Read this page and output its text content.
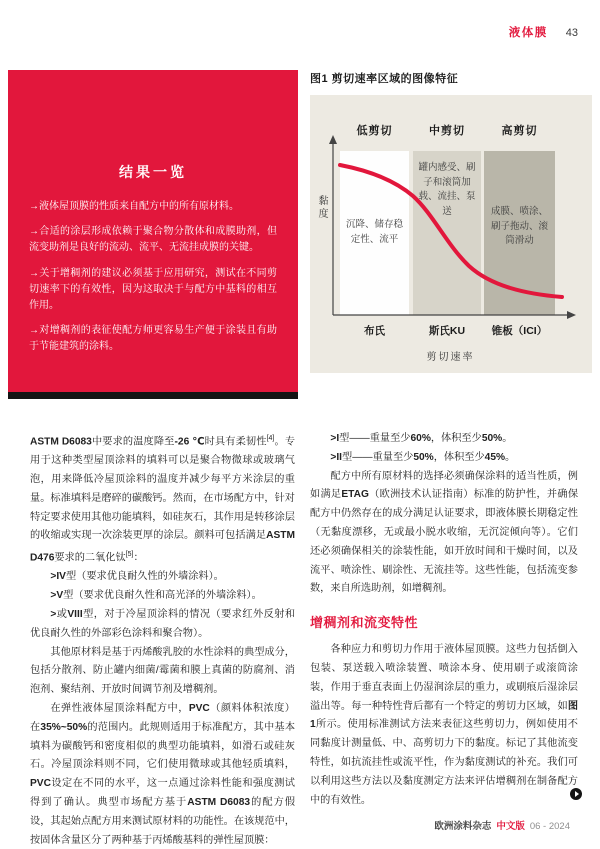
液体膜 43
结果一览
→液体屋顶膜的性质来自配方中的所有原材料。
→合适的涂层形成依赖于聚合物分散体和成膜助剂，但流变助剂是良好的流动、流平、无流挂成膜的关键。
→关于增稠剂的建议必须基于应用研究，测试在不同剪切速率下的有效性，因为这取决于与配方中基料的相互作用。
→对增稠剂的表征使配方师更容易生产便于涂装且有助于节能建筑的涂料。
图1 剪切速率区域的图像特征
低剪切	中剪切	高剪切
沉降、储存稳定性、流平
罐内感受、刷子和滚筒加载、流挂、泵送	成膜、喷涂、刷子拖动、滚筒滑动
黏度
布氏	斯氏KU	锥板（ICI）
剪切速率

ASTM D6083中要求的温度降至-26 ℃时具有柔韧性[4]。专用于这种类型屋顶涂料的填料可以是聚合物微球或玻璃气泡，用来降低冷屋顶涂料的温度并减少每平方米涂层的重量。标准填料是磨碎的碳酸钙。然而，在市场配方中，针对特定要求使用其他功能填料，如硅灰石，其作用是转移涂层的收缩或实现一次涂装更厚的涂层。颜料可包括满足ASTM D476要求的二氧化钛[5]：

>IV型（要求优良耐久性的外墙涂料）。

>V型（要求优良耐久性和高光泽的外墙涂料）。

>或VIII型，对于冷屋顶涂料的情况（要求红外反射和优良耐久性的外部彩色涂料和聚合物）。

其他原材料是基于丙烯酸乳胶的水性涂料的典型成分，包括分散剂、防止罐内细菌/霉菌和膜上真菌的防腐剂、消泡剂、聚结剂、开放时间调节剂及增稠剂。

在弹性液体屋顶涂料配方中，PVC（颜料体积浓度）在35%~50%的范围内。此规则适用于标准配方，其中基本填料为碳酸钙和密度相似的典型功能填料，如滑石或硅灰石。冷屋顶涂料则不同，它们使用微球或其他轻质填料，PVC设定在不同的水平，这一点通过涂料性能和强度测试得到了确认。典型市场配方基于ASTM D6083的配方假设，其起始点配方用来测试原材料的功能性。在该规范中，按固体含量区分了两种基于丙烯酸基料的弹性屋顶膜：

>I型——重量至少60%，体积至少50%。

>II型——重量至少50%，体积至少45%。

配方中所有原材料的选择必须确保涂料的适当性质，例如满足ETAG（欧洲技术认证指南）标准的防护性，并确保配方中仍然存在的成分满足认证要求，即液体膜长期稳定性（无黏度漂移，无或最小脱水收缩，无沉淀倾向等）。它们还必须确保相关的涂装性能，如开放时间和干燥时间，以及流平、喷涂性、刷涂性、无流挂等。这些性能，包括流变参数，来自所选助剂，如增稠剂。

增稠剂和流变特性

各种应力和剪切力作用于液体屋顶膜。这些力包括倒入包装、泵送载入喷涂装置、喷涂本身、使用刷子或滚筒涂装，作用于垂直表面上仍湿润涂层的重力，或刷痕后湿涂层溢出等。每一种特性背后都有一个特定的剪切力区域，如图1所示。使用标准测试方法来表征这些剪切力，例如使用不同黏度计测量低、中、高剪切力下的黏度。标记了其他流变特性，如抗流挂性或流平性，作为黏度测试的补充。我们可以利用这些方法以及黏度测定方法来评估增稠剂在制备配方中的有效性。

欧洲涂料杂志 中文版 06 - 2024
